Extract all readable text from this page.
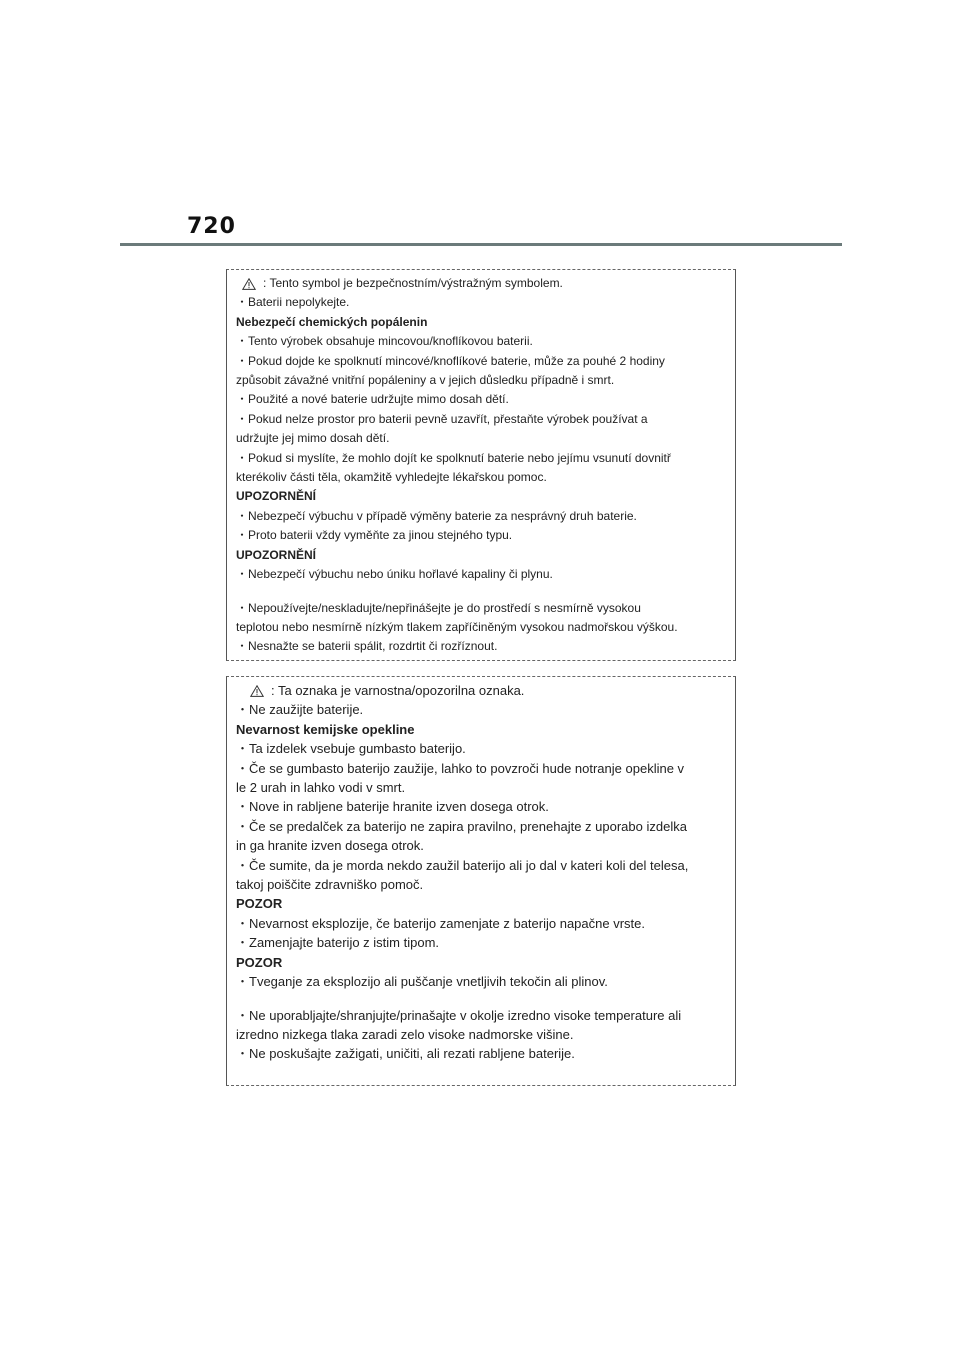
720
: Tento symbol je bezpečnostním/výstražným symbolem.
・Baterii nepolykejte.
Nebezpečí chemických popálenin
・Tento výrobek obsahuje mincovou/knoflíkovou baterii.
・Pokud dojde ke spolknutí mincové/knoflíkové baterie, může za pouhé 2 hodiny
způsobit závažné vnitřní popáleniny a v jejich důsledku případně i smrt.
・Použité a nové baterie udržujte mimo dosah dětí.
・Pokud nelze prostor pro baterii pevně uzavřít, přestaňte výrobek používat a
udržujte jej mimo dosah dětí.
・Pokud si myslíte, že mohlo dojít ke spolknutí baterie nebo jejímu vsunutí dovnitř
kterékoliv části těla, okamžitě vyhledejte lékařskou pomoc.
UPOZORNĚNÍ
・Nebezpečí výbuchu v případě výměny baterie za nesprávný druh baterie.
・Proto baterii vždy vyměňte za jinou stejného typu.
UPOZORNĚNÍ
・Nebezpečí výbuchu nebo úniku hořlavé kapaliny či plynu.
・Nepoužívejte/neskladujte/nepřinášejte je do prostředí s nesmírně vysokou
teplotou nebo nesmírně nízkým tlakem zapříčiněným vysokou nadmořskou výškou.
・Nesnažte se baterii spálit, rozdrtit či rozříznout.
: Ta oznaka je varnostna/opozorilna oznaka.
・Ne zaužijte baterije.
Nevarnost kemijske opekline
・Ta izdelek vsebuje gumbasto baterijo.
・Če se gumbasto baterijo zaužije, lahko to povzroči hude notranje opekline v
le 2 urah in lahko vodi v smrt.
・Nove in rabljene baterije hranite izven dosega otrok.
・Če se predalček za baterijo ne zapira pravilno, prenehajte z uporabo izdelka
in ga hranite izven dosega otrok.
・Če sumite, da je morda nekdo zaužil baterijo ali jo dal v kateri koli del telesa,
takoj poiščite zdravniško pomoč.
POZOR
・Nevarnost eksplozije, če baterijo zamenjate z baterijo napačne vrste.
・Zamenjajte baterijo z istim tipom.
POZOR
・Tveganje za eksplozijo ali puščanje vnetljivih tekočin ali plinov.
・Ne uporabljajte/shranjujte/prinašajte v okolje izredno visoke temperature ali
izredno nizkega tlaka zaradi zelo visoke nadmorske višine.
・Ne poskušajte zažigati, uničiti, ali rezati rabljene baterije.
